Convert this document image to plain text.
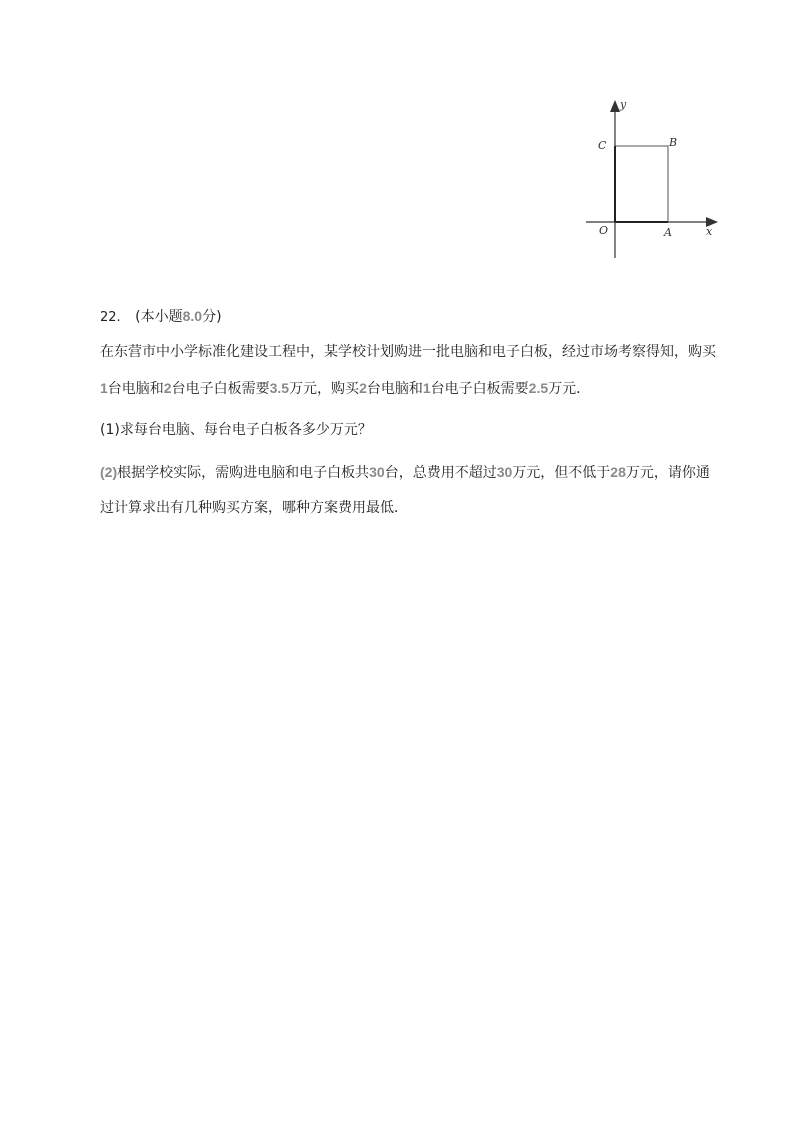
y
x
O	A
B
C
22. (本小题8.0分)
在东营市中小学标准化建设工程中，某学校计划购进一批电脑和电子白板，经过市场考察得知，购买
1台电脑和2台电子白板需要3.5万元，购买2台电脑和1台电子白板需要2.5万元．
(1)求每台电脑、每台电子白板各多少万元？
(2)根据学校实际，需购进电脑和电子白板共30台，总费用不超过30万元，但不低于28万元，请你通
过计算求出有几种购买方案，哪种方案费用最低．
